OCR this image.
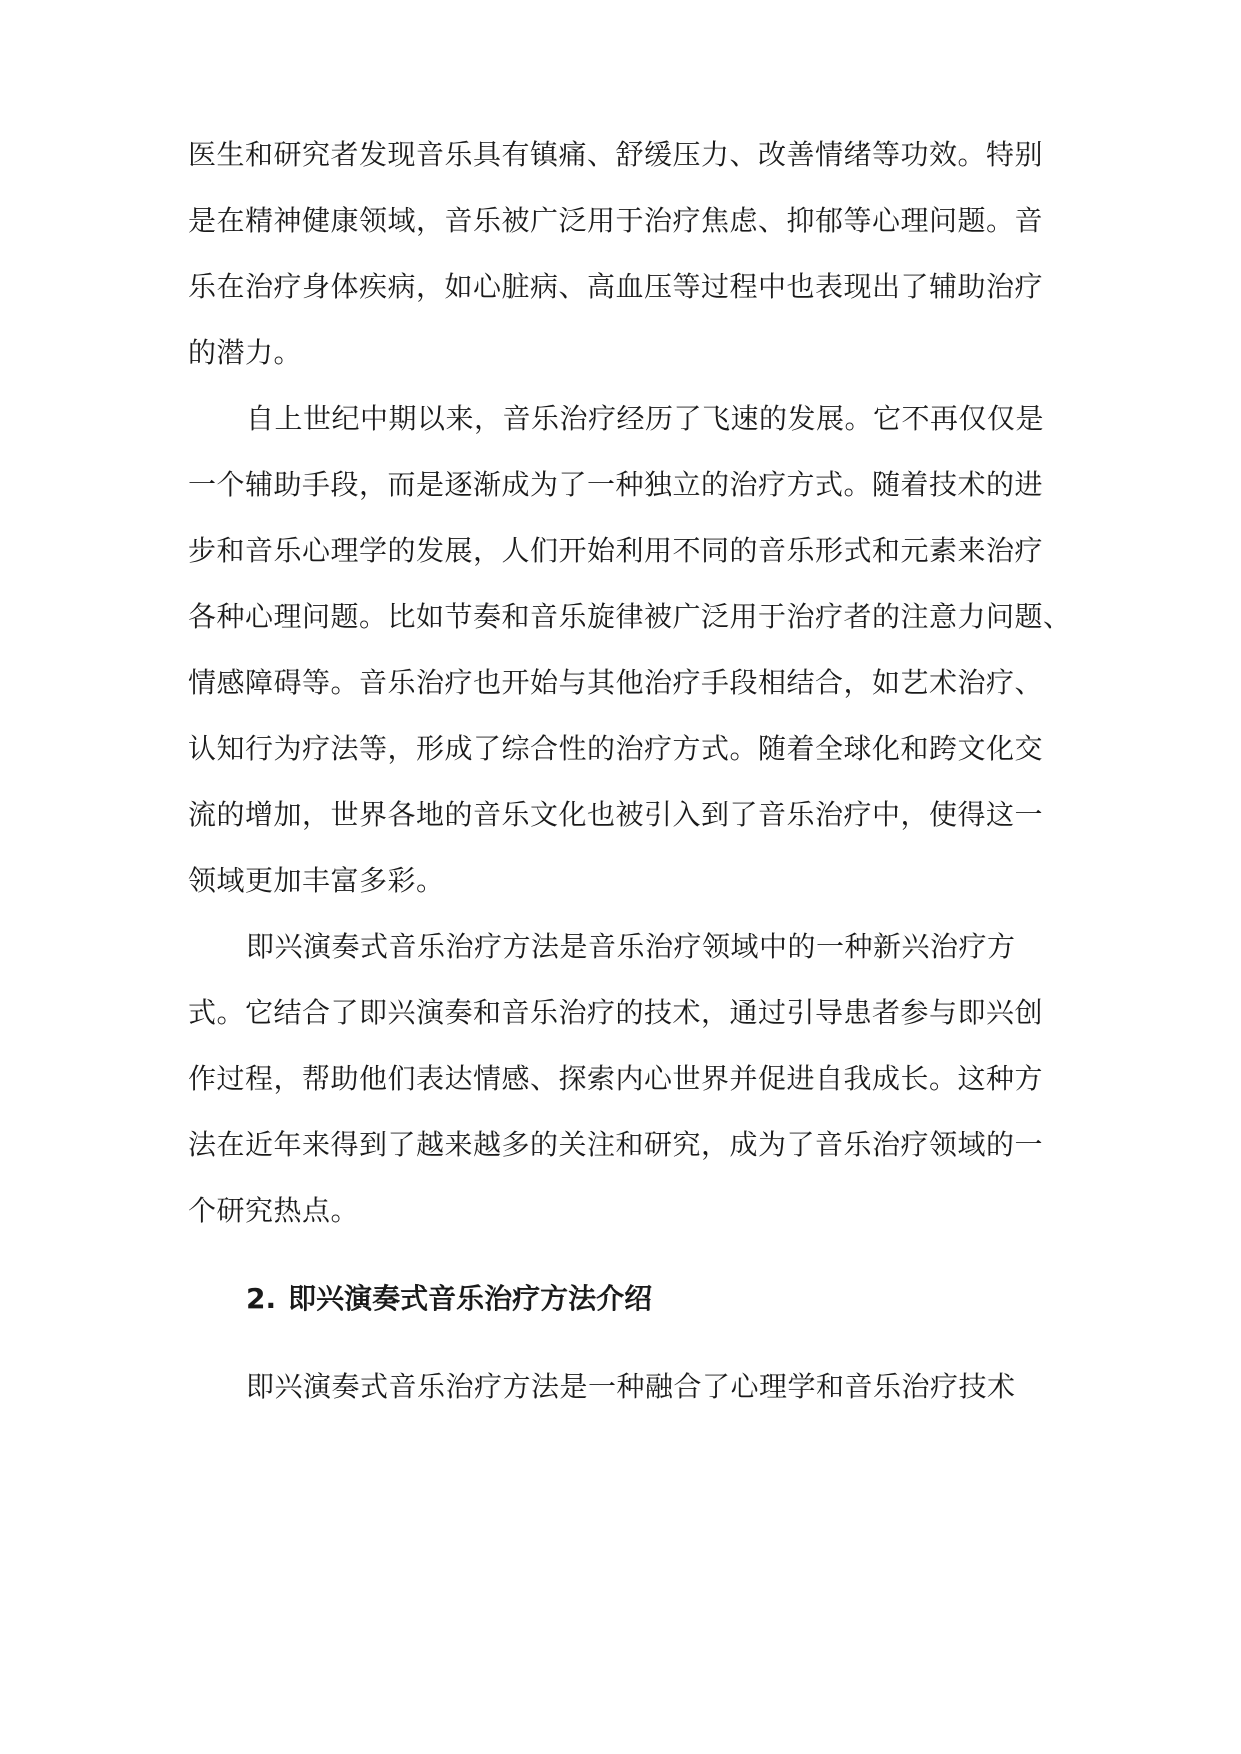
医生和研究者发现音乐具有镇痛、舒缓压力、改善情绪等功效。特别
是在精神健康领域，音乐被广泛用于治疗焦虑、抑郁等心理问题。音
乐在治疗身体疾病，如心脏病、高血压等过程中也表现出了辅助治疗
的潜力。
自上世纪中期以来，音乐治疗经历了飞速的发展。它不再仅仅是
一个辅助手段，而是逐渐成为了一种独立的治疗方式。随着技术的进
步和音乐心理学的发展，人们开始利用不同的音乐形式和元素来治疗
各种心理问题。比如节奏和音乐旋律被广泛用于治疗者的注意力问题、
情感障碍等。音乐治疗也开始与其他治疗手段相结合，如艺术治疗、
认知行为疗法等，形成了综合性的治疗方式。随着全球化和跨文化交
流的增加，世界各地的音乐文化也被引入到了音乐治疗中，使得这一
领域更加丰富多彩。
即兴演奏式音乐治疗方法是音乐治疗领域中的一种新兴治疗方
式。它结合了即兴演奏和音乐治疗的技术，通过引导患者参与即兴创
作过程，帮助他们表达情感、探索内心世界并促进自我成长。这种方
法在近年来得到了越来越多的关注和研究，成为了音乐治疗领域的一
个研究热点。
2. 即兴演奏式音乐治疗方法介绍
即兴演奏式音乐治疗方法是一种融合了心理学和音乐治疗技术
